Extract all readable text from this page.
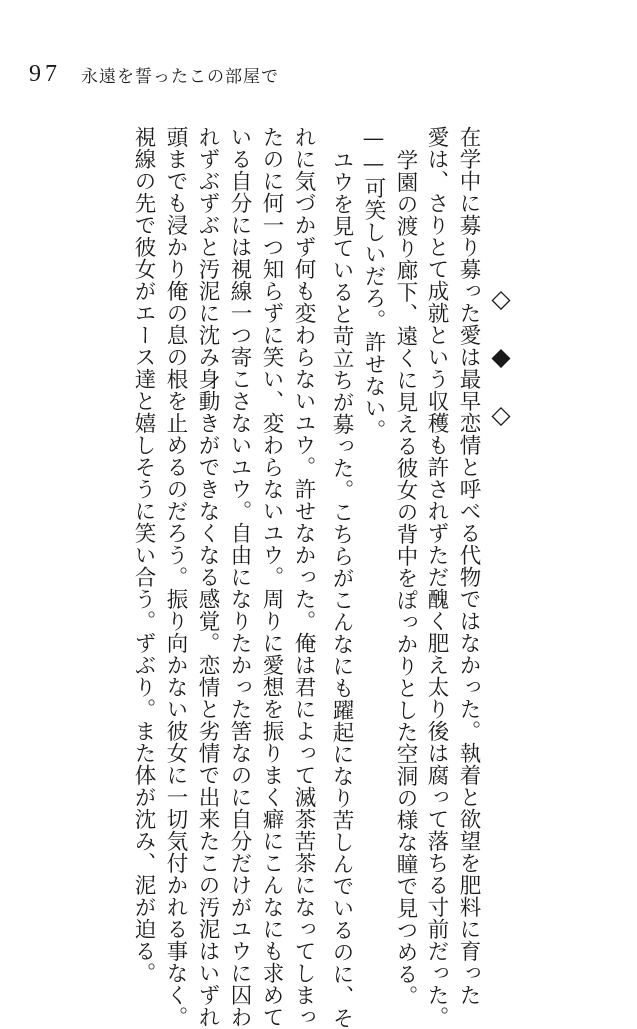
97 永遠を誓ったこの部屋で
在学中に募り募った愛は最早恋情と呼べる代物ではなかった。執着と欲望を肥料に育った
愛は、さりとて成就という収穫も許されずただ醜く肥え太り後は腐って落ちる寸前だった。
学園の渡り廊下、遠くに見える彼女の背中をぽっかりとした空洞の様な瞳で見つめる。	◇
◆
◇
——可笑しいだろ。許せない。
ユウを見ていると苛立ちが募った。こちらがこんなにも躍起になり苦しんでいるのに、そ
れに気づかず何も変わらないユウ。許せなかった。俺は君によって滅茶苦茶になってしまっ
たのに何一つ知らずに笑い、変わらないユウ。周りに愛想を振りまく癖にこんなにも求めて
いる自分には視線一つ寄こさないユウ。自由になりたかった筈なのに自分だけがユウに囚わ
れずぶずぶと汚泥に沈み身動きができなくなる感覚。恋情と劣情で出来たこの汚泥はいずれ
頭までも浸かり俺の息の根を止めるのだろう。振り向かない彼女に一切気付かれる事なく。
視線の先で彼女がエース達と嬉しそうに笑い合う。ずぶり。また体が沈み、泥が迫る。
